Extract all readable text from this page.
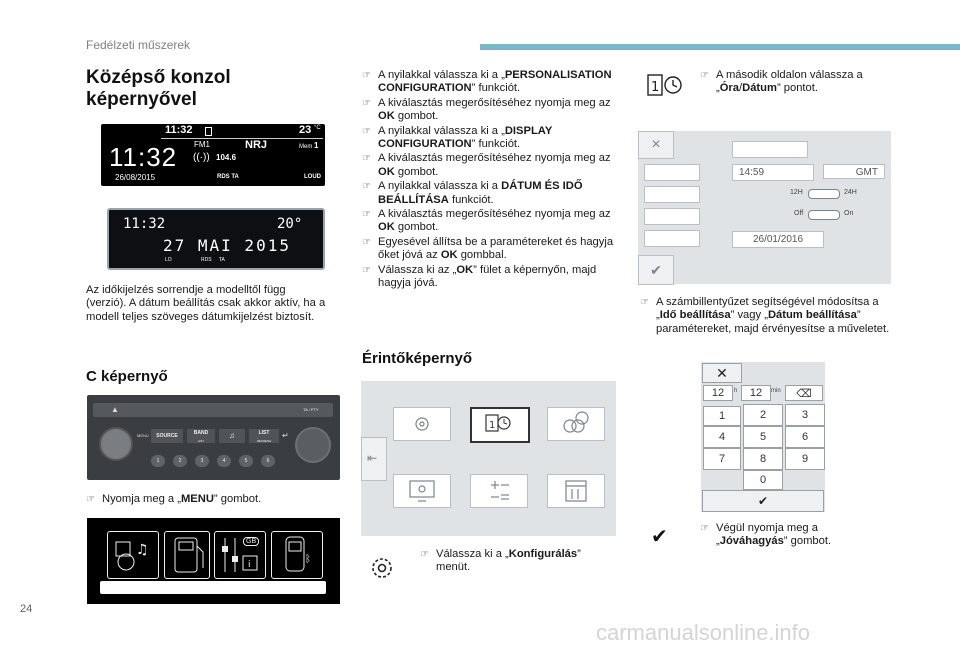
Fedélzeti műszerek
Középső konzol
képernyővel
11:32	23 °C
FM1	NRJ	Mem 1
11:32 ((·)) 104.6
26/08/2015	RDS TA	LOUD
11:32	20°
27 MAI 2015
LO	RDS TA
Az időkijelzés sorrendje a modelltől függ (verzió). A dátum beállítás csak akkor aktív, ha a modell teljes szöveges dátumkijelzést biztosít.
C képernyő
▲	TA / PTY
MENU	SOURCE	BAND
AST
♫	LIST
REFRESH
↵
1	2	3	4	5	6
☞ Nyomja meg a „MENU” gombot.
♫
i
GB
ᛒ
☞ A nyilakkal válassza ki a „PERSONALISATION CONFIGURATION” funkciót.
☞ A kiválasztás megerősítéséhez nyomja meg az OK gombot.
☞ A nyilakkal válassza ki a „DISPLAY CONFIGURATION” funkciót.
☞ A kiválasztás megerősítéséhez nyomja meg az OK gombot.
☞ A nyilakkal válassza ki a DÁTUM ÉS IDŐ BEÁLLÍTÁSA funkciót.
☞ A kiválasztás megerősítéséhez nyomja meg az OK gombot.
☞ Egyesével állítsa be a paramétereket és hagyja őket jóvá az OK gombbal.
☞ Válassza ki az „OK” fület a képernyőn, majd hagyja jóvá.
Érintőképernyő
⇤
1
☞ Válassza ki a „Konfigurálás” menüt.
1
☞ A második oldalon válassza a „Óra/Dátum” pontot.
×
✔
14:59	GMT
12H	24H
Off	On
26/01/2016
☞ A számbillentyűzet segítségével módosítsa a „Idő beállítása” vagy „Dátum beállítása” paramétereket, majd érvényesítse a műveletet.
✕
12	h	12	min	⌫
1	2	3
4	5	6
7	8	9
0
✔
✔
☞	Végül nyomja meg a „Jóváhagyás” gombot.
24
carmanualsonline.info
